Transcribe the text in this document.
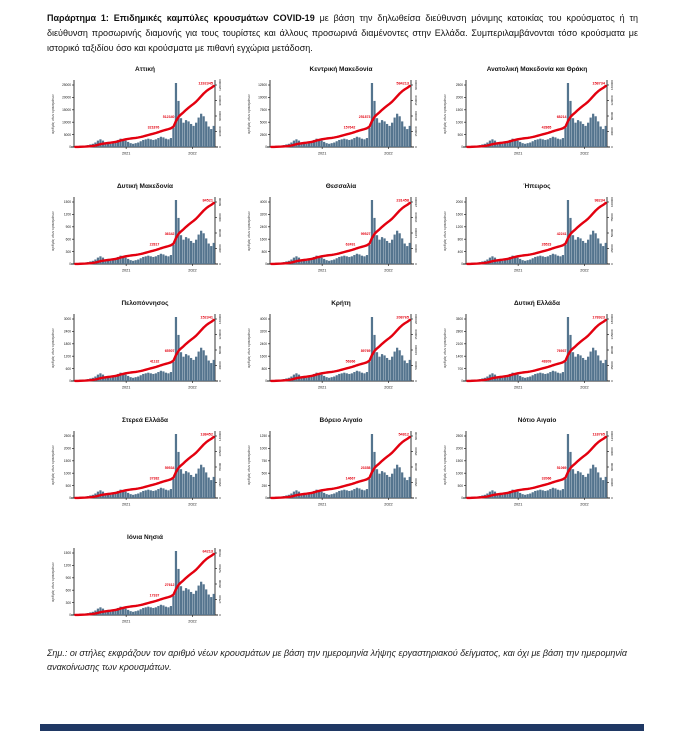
Παράρτημα 1: Επιδημικές καμπύλες κρουσμάτων COVID-19 με βάση την δηλωθείσα διεύθυνση μόνιμης κατοικίας του κρούσματος ή τη διεύθυνση προσωρινής διαμονής για τους τουρίστες και άλλους προσωρινά διαμένοντες στην Ελλάδα. Συμπεριλαμβάνονται τόσο κρούσματα με ιστορικό ταξιδίου όσο και κρούσματα με πιθανή εγχώρια μετάδοση.
Αττική
0
5000
10000
15000
20000
25000
0
300000
600000
900000
1200000
2021	2022
αριθμός νέων κρουσμάτων	321876
512340
1192345
Κεντρική Μακεδονία
0
2500
5000
7500
10000
12500
0
150000
300000
450000
600000
2021	2022
αριθμός νέων κρουσμάτων	157642
251873
584213
Ανατολική Μακεδονία και Θράκη
0
500
1000
1500
2000
2500
0
40000
80000
120000
160000
2021	2022
αριθμός νέων κρουσμάτων	42865
68214
158734
Δυτική Μακεδονία
0
300
600
900
1200
1500
0
20000
40000
60000
80000
2021	2022
αριθμός νέων κρουσμάτων	22817
36342
84521
Θεσσαλία
0
800
1600
2400
3200
4000
0
60000
120000
180000
240000
2021	2022
αριθμός νέων κρουσμάτων	62491
99527
231458
Ήπειρος
0
400
800
1200
1600
2000
0
25000
50000
75000
100000
2021	2022
αριθμός νέων κρουσμάτων	26523
42241
98234
Πελοπόννησος
0
600
1200
1800
2400
3000
0
40000
80000
120000
160000
2021	2022
αριθμός νέων κρουσμάτων	41132
65507
152341
Κρήτη
0
800
1600
2400
3200
4000
0
50000
100000
150000
200000
2021	2022
αριθμός νέων κρουσμάτων	56366
89769
208765
Δυτική Ελλάδα
0
700
1400
2100
2800
3500
0
45000
90000
135000
180000
2021	2022
αριθμός νέων κρουσμάτων	48309
76937
178923
Στερεά Ελλάδα
0
500
1000
1500
2000
2500
0
35000
70000
105000
140000
2021	2022
αριθμός νέων κρουσμάτων	37382
59534
138452
Βόρειο Αιγαίο
0
250
500
750
1000
1250
0
15000
30000
45000
60000
2021	2022
αριθμός νέων κρουσμάτων	14667
23358
54812
Νότιο Αιγαίο
0
500
1000
1500
2000
2500
0
30000
60000
90000
120000
2021	2022
αριθμός νέων κρουσμάτων	32066
51069
118765
Ιόνια Νησιά
0
300
600
900
1200
1500
0
17500
35000
52500
70000
2021	2022
αριθμός νέων κρουσμάτων	17337
27612
64213
Σημ.: οι στήλες εκφράζουν τον αριθμό νέων κρουσμάτων με βάση την ημερομηνία λήψης εργαστηριακού δείγματος, και όχι με βάση την ημερομηνία ανακοίνωσης των κρουσμάτων.
